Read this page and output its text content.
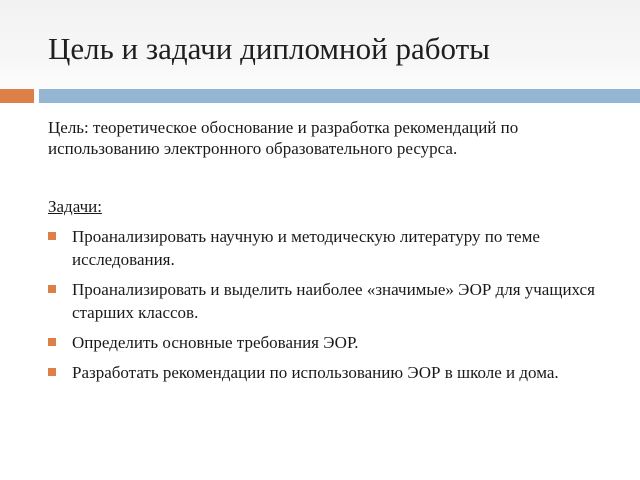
Цель и задачи дипломной работы

Цель: теоретическое обоснование и разработка рекомендаций по использованию электронного образовательного ресурса.

Задачи:
Проанализировать научную и методическую литературу по теме исследования.
Проанализировать и выделить наиболее «значимые» ЭОР для учащихся старших классов.
Определить основные требования ЭОР.
Разработать рекомендации по использованию ЭОР в школе и дома.
